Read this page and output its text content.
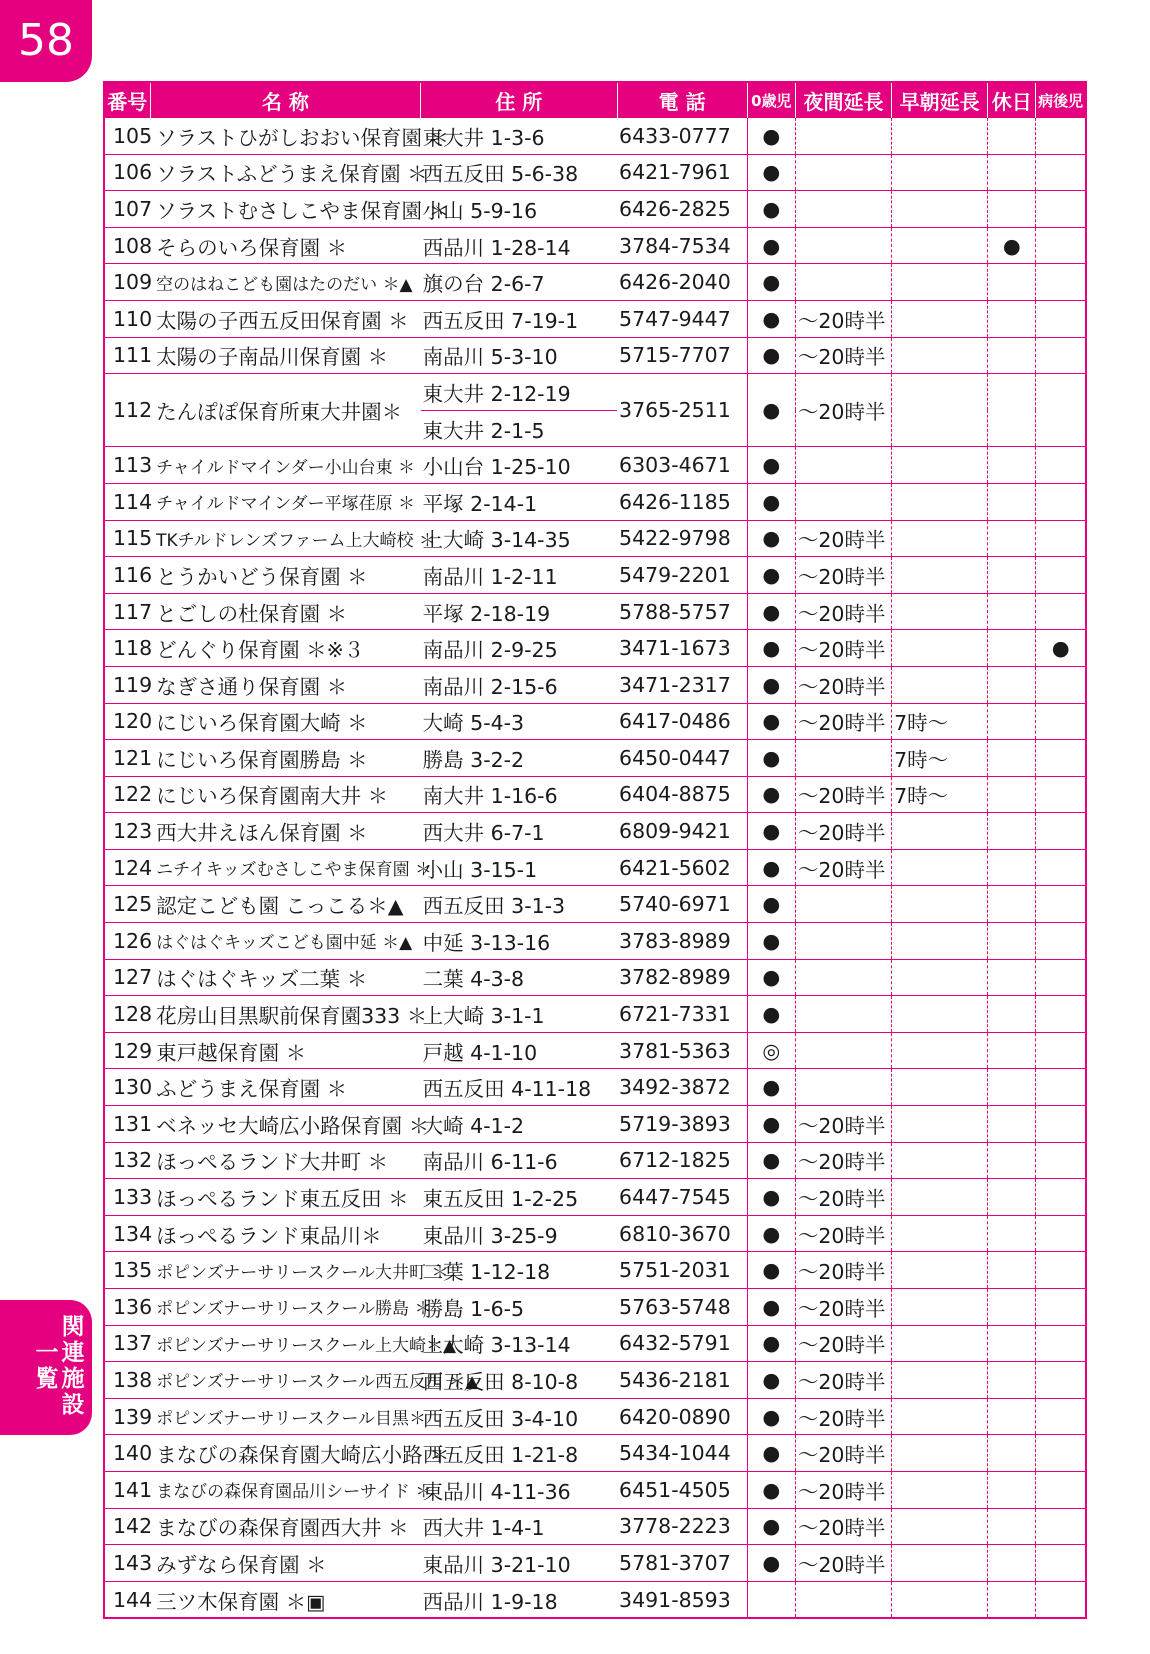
58
関連施設
一覧
番号	名 称	住 所	電 話	0歳児	夜間延長	早朝延長	休日	病後児
105	ソラストひがしおおい保育園 ＊	東大井 1-3-6	6433-0777	●				
106	ソラストふどうまえ保育園 ＊	西五反田 5-6-38	6421-7961	●				
107	ソラストむさしこやま保育園 ＊	小山 5-9-16	6426-2825	●				
108	そらのいろ保育園 ＊	西品川 1-28-14	3784-7534	●			●	
109	空のはねこども園はたのだい ＊▲	旗の台 2-6-7	6426-2040	●				
110	太陽の子西五反田保育園 ＊	西五反田 7-19-1	5747-9447	●	〜20時半			
111	太陽の子南品川保育園 ＊	南品川 5-3-10	5715-7707	●	〜20時半			
112	たんぽぽ保育所東大井園＊	東大井 2-12-19	3765-2511	●	〜20時半			
		東大井 2-1-5						
113	チャイルドマインダー小山台東 ＊	小山台 1-25-10	6303-4671	●				
114	チャイルドマインダー平塚荏原 ＊	平塚 2-14-1	6426-1185	●				
115	TKチルドレンズファーム上大崎校 ＊	上大崎 3-14-35	5422-9798	●	〜20時半			
116	とうかいどう保育園 ＊	南品川 1-2-11	5479-2201	●	〜20時半			
117	とごしの杜保育園 ＊	平塚 2-18-19	5788-5757	●	〜20時半			
118	どんぐり保育園 ＊※３	南品川 2-9-25	3471-1673	●	〜20時半			●
119	なぎさ通り保育園 ＊	南品川 2-15-6	3471-2317	●	〜20時半			
120	にじいろ保育園大崎 ＊	大崎 5-4-3	6417-0486	●	〜20時半	7時〜		
121	にじいろ保育園勝島 ＊	勝島 3-2-2	6450-0447	●		7時〜		
122	にじいろ保育園南大井 ＊	南大井 1-16-6	6404-8875	●	〜20時半	7時〜		
123	西大井えほん保育園 ＊	西大井 6-7-1	6809-9421	●	〜20時半			
124	ニチイキッズむさしこやま保育園 ＊	小山 3-15-1	6421-5602	●	〜20時半			
125	認定こども園 こっこる＊▲	西五反田 3-1-3	5740-6971	●				
126	はぐはぐキッズこども園中延 ＊▲	中延 3-13-16	3783-8989	●				
127	はぐはぐキッズ二葉 ＊	二葉 4-3-8	3782-8989	●				
128	花房山目黒駅前保育園333 ＊	上大崎 3-1-1	6721-7331	●				
129	東戸越保育園 ＊	戸越 4-1-10	3781-5363	◎				
130	ふどうまえ保育園 ＊	西五反田 4-11-18	3492-3872	●				
131	ベネッセ大崎広小路保育園 ＊	大崎 4-1-2	5719-3893	●	〜20時半			
132	ほっぺるランド大井町 ＊	南品川 6-11-6	6712-1825	●	〜20時半			
133	ほっぺるランド東五反田 ＊	東五反田 1-2-25	6447-7545	●	〜20時半			
134	ほっぺるランド東品川＊	東品川 3-25-9	6810-3670	●	〜20時半			
135	ポピンズナーサリースクール大井町 ＊	二葉 1-12-18	5751-2031	●	〜20時半			
136	ポピンズナーサリースクール勝島 ＊	勝島 1-6-5	5763-5748	●	〜20時半			
137	ポピンズナーサリースクール上大崎＊▲	上大崎 3-13-14	6432-5791	●	〜20時半			
138	ポピンズナーサリースクール西五反田 ＊▲	西五反田 8-10-8	5436-2181	●	〜20時半			
139	ポピンズナーサリースクール目黒＊	西五反田 3-4-10	6420-0890	●	〜20時半			
140	まなびの森保育園大崎広小路 ＊	西五反田 1-21-8	5434-1044	●	〜20時半			
141	まなびの森保育園品川シーサイド ＊	東品川 4-11-36	6451-4505	●	〜20時半			
142	まなびの森保育園西大井 ＊	西大井 1-4-1	3778-2223	●	〜20時半			
143	みずなら保育園 ＊	東品川 3-21-10	5781-3707	●	〜20時半			
144	三ツ木保育園 ＊▣	西品川 1-9-18	3491-8593					
